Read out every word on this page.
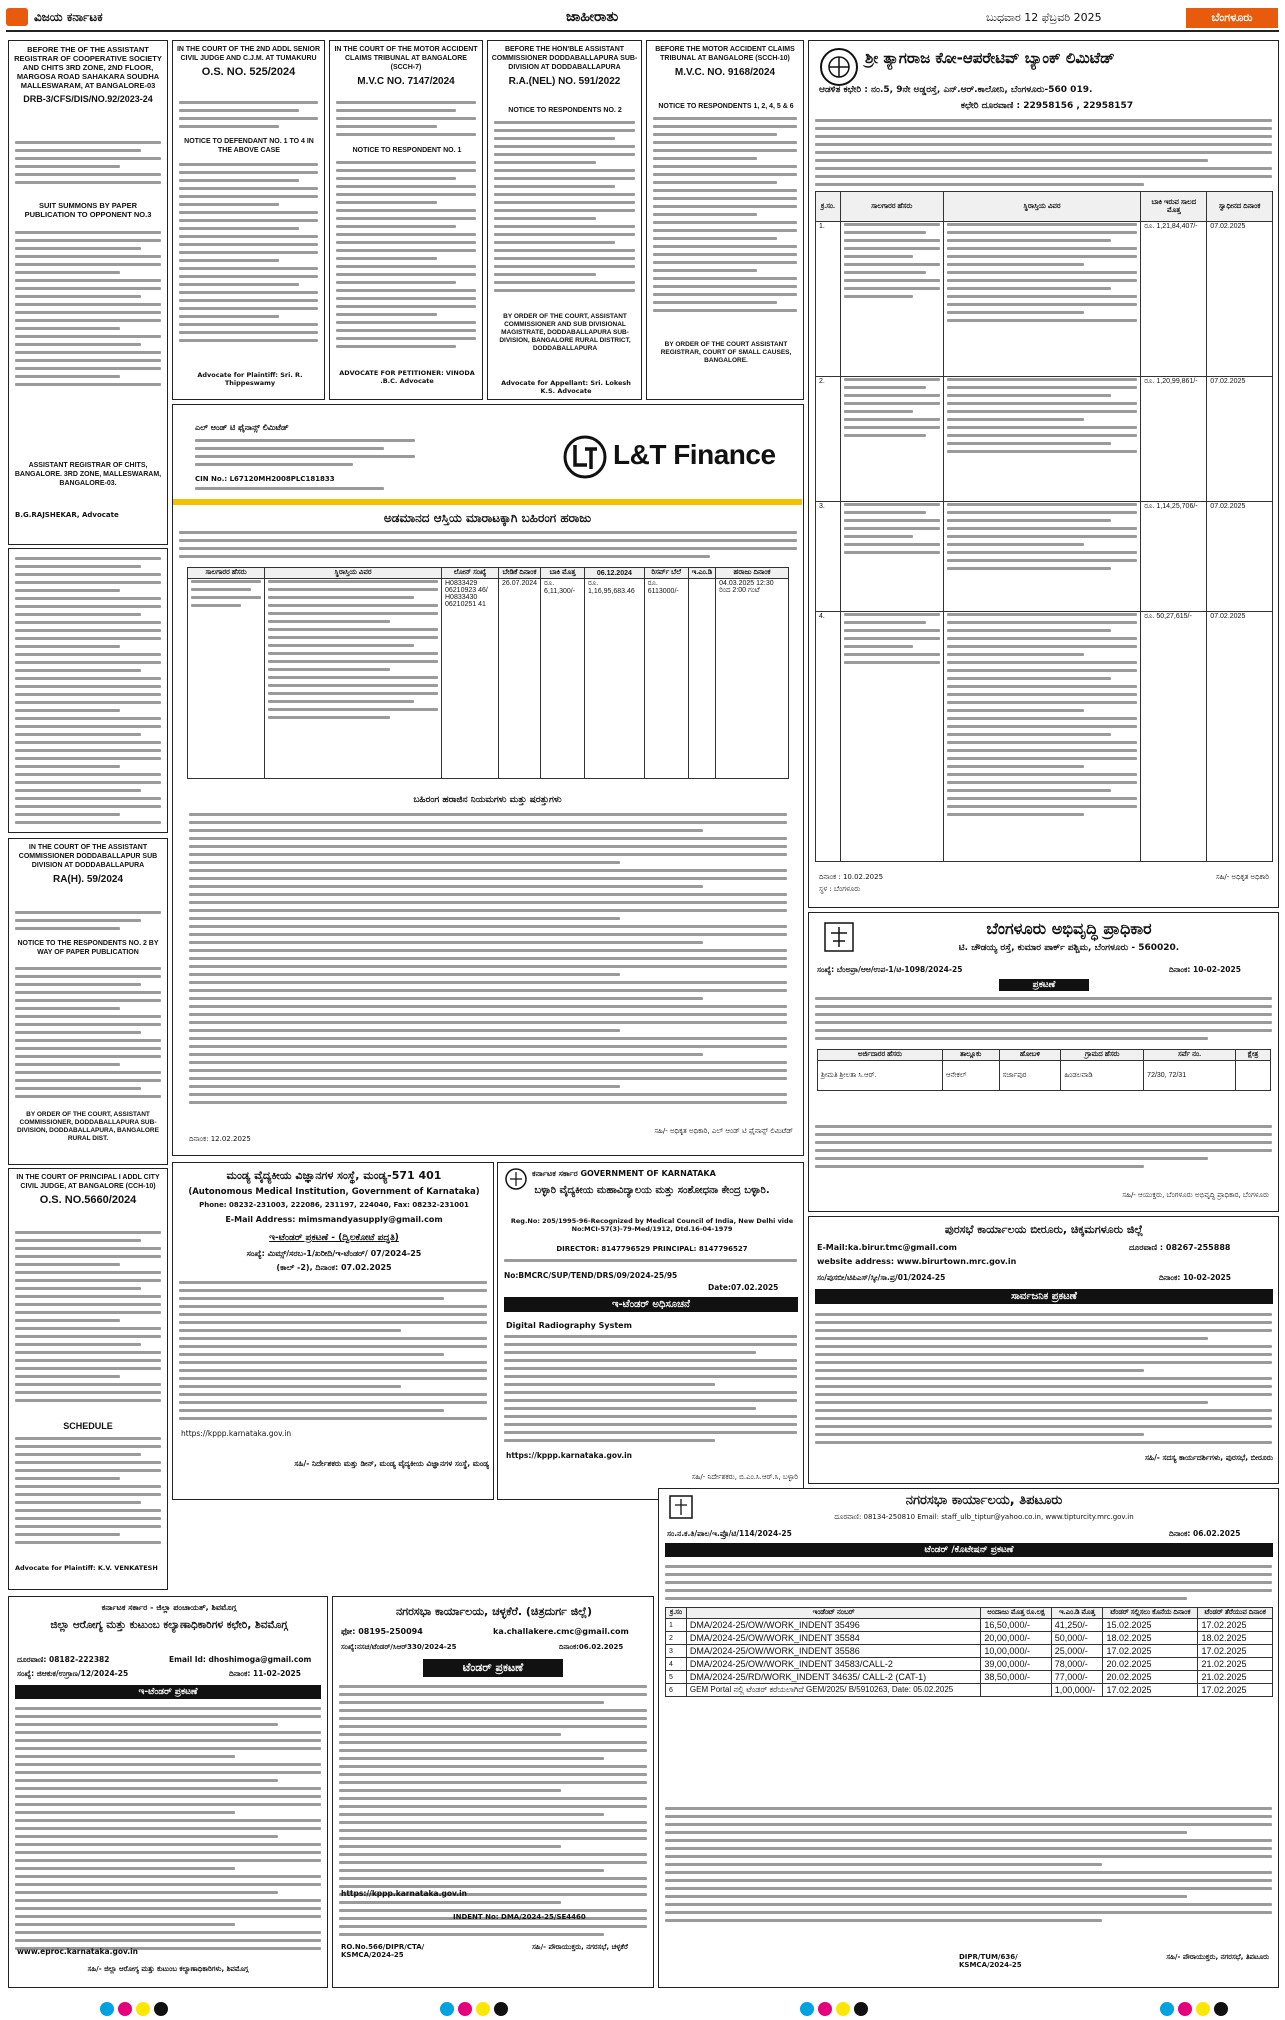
ವಿಜಯ ಕರ್ನಾಟಕ	ಜಾಹೀರಾತು	ಬುಧವಾರ 12 ಫೆಬ್ರವರಿ 2025	ಬೆಂಗಳೂರು
BEFORE THE OF THE ASSISTANT REGISTRAR OF COOPERATIVE SOCIETY AND CHITS 3RD ZONE, 2ND FLOOR, MARGOSA ROAD SAHAKARA SOUDHA MALLESWARAM, AT BANGALORE-03
DRB-3/CFS/DIS/NO.92/2023-24
SUIT SUMMONS BY PAPER PUBLICATION TO OPPONENT NO.3
ASSISTANT REGISTRAR OF CHITS, BANGALORE. 3RD ZONE, MALLESWARAM, BANGALORE-03.
B.G.RAJSHEKAR, Advocate
IN THE COURT OF THE ASSISTANT COMMISSIONER DODDABALLAPUR SUB DIVISION AT DODDABALLAPURA
RA(H). 59/2024
NOTICE TO THE RESPONDENTS NO. 2 BY WAY OF PAPER PUBLICATION
BY ORDER OF THE COURT, ASSISTANT COMMISSIONER, DODDABALLAPURA SUB-DIVISION, DODDABALLAPURA, BANGALORE RURAL DIST.
IN THE COURT OF PRINCIPAL I ADDL CITY CIVIL JUDGE, AT BANGALORE (CCH-10)
O.S. NO.5660/2024
SCHEDULE
Advocate for Plaintiff: K.V. VENKATESH
IN THE COURT OF THE 2ND ADDL SENIOR CIVIL JUDGE AND C.J.M. AT TUMAKURU
O.S. NO. 525/2024
NOTICE TO DEFENDANT NO. 1 TO 4 IN THE ABOVE CASE
Advocate for Plaintiff: Sri. R. Thippeswamy
IN THE COURT OF THE MOTOR ACCIDENT CLAIMS TRIBUNAL AT BANGALORE (SCCH-7)
M.V.C NO. 7147/2024
NOTICE TO RESPONDENT NO. 1
ADVOCATE FOR PETITIONER: VINODA .B.C. Advocate
BEFORE THE HON'BLE ASSISTANT COMMISSIONER DODDABALLAPURA SUB-DIVISION AT DODDABALLAPURA
R.A.(NEL) NO. 591/2022
NOTICE TO RESPONDENTS NO. 2
BY ORDER OF THE COURT, ASSISTANT COMMISSIONER AND SUB DIVISIONAL MAGISTRATE, DODDABALLAPURA SUB-DIVISION, BANGALORE RURAL DISTRICT, DODDABALLAPURA
Advocate for Appellant: Sri. Lokesh K.S. Advocate
BEFORE THE MOTOR ACCIDENT CLAIMS TRIBUNAL AT BANGALORE (SCCH-10)
M.V.C. NO. 9168/2024
NOTICE TO RESPONDENTS 1, 2, 4, 5 & 6
BY ORDER OF THE COURT ASSISTANT REGISTRAR, COURT OF SMALL CAUSES, BANGALORE.
ಎಲ್ ಆಂಡ್ ಟಿ ಫೈನಾನ್ಸ್ ಲಿಮಿಟೆಡ್
CIN No.: L67120MH2008PLC181833
L&T Finance
ಅಡಮಾನದ ಆಸ್ತಿಯ ಮಾರಾಟಕ್ಕಾಗಿ ಬಹಿರಂಗ ಹರಾಜು
ಸಾಲಗಾರರ ಹೆಸರು	ಸ್ಥಿರಾಸ್ತಿಯ ವಿವರ	ಲೋನ್ ಸಂಖ್ಯೆ	ಬೇಡಿಕೆ ದಿನಾಂಕ	ಬಾಕಿ ಮೊತ್ತ	06.12.2024	ರಿಸರ್ವ್ ಬೆಲೆ	ಇ.ಎಂ.ಡಿ	ಹರಾಜು ದಿನಾಂಕ

	H0833429 06210923 46/ H0833430 06210251 41	26.07.2024	ರೂ. 6,11,300/-	ರೂ. 1,16,95,683.46	ರೂ. 6113000/-		04.03.2025 12:30 ರಿಂದ 2:00 ಗಂಟೆ
ಬಹಿರಂಗ ಹರಾಜಿನ ನಿಯಮಗಳು ಮತ್ತು ಷರತ್ತುಗಳು
ದಿನಾಂಕ: 12.02.2025
ಸಹಿ/- ಅಧಿಕೃತ ಅಧಿಕಾರಿ, ಎಲ್ ಆಂಡ್ ಟಿ ಫೈನಾನ್ಸ್ ಲಿಮಿಟೆಡ್
ಶ್ರೀ ತ್ಯಾಗರಾಜ ಕೋ-ಆಪರೇಟಿವ್ ಬ್ಯಾಂಕ್ ಲಿಮಿಟೆಡ್
ಆಡಳಿತ ಕಛೇರಿ : ನಂ.5, 9ನೇ ಅಡ್ಡರಸ್ತೆ, ಎನ್.ಆರ್.ಕಾಲೋನಿ, ಬೆಂಗಳೂರು-560 019.
ಕಛೇರಿ ದೂರವಾಣಿ : 22958156 , 22958157
ಕ್ರ.ಸಂ.	ಸಾಲಗಾರರ ಹೆಸರು	ಸ್ಥಿರಾಸ್ತಿಯ ವಿವರ	ಬಾಕಿ ಇರುವ ಸಾಲದ ಮೊತ್ತ	ಸ್ವಾಧೀನದ ದಿನಾಂಕ
1.			ರೂ. 1,21,84,407/-	07.02.2025
2.			ರೂ. 1,20,99,861/-	07.02.2025
3.			ರೂ. 1,14,25,706/-	07.02.2025
4.			ರೂ. 50,27,615/-	07.02.2025
ದಿನಾಂಕ : 10.02.2025
ಸ್ಥಳ : ಬೆಂಗಳೂರು
ಸಹಿ/- ಅಧಿಕೃತ ಅಧಿಕಾರಿ
ಬೆಂಗಳೂರು ಅಭಿವೃದ್ಧಿ ಪ್ರಾಧಿಕಾರ
ಟಿ. ಚೌಡಯ್ಯ ರಸ್ತೆ, ಕುಮಾರ ಪಾರ್ಕ್ ಪಶ್ಚಿಮ, ಬೆಂಗಳೂರು - 560020.
ಸಂಖ್ಯೆ: ಬೆಂಅಪ್ರಾ/ಆಆ/ಉಪ-1/ಟಿ-1098/2024-25	ದಿನಾಂಕ: 10-02-2025
ಪ್ರಕಟಣೆ
ಅರ್ಜಿದಾರರ ಹೆಸರು	ತಾಲ್ಲೂಕು	ಹೋಬಳಿ	ಗ್ರಾಮದ ಹೆಸರು	ಸರ್ವೆ ನಂ.	ಕ್ಷೇತ್ರ
ಶ್ರೀಮತಿ ಶ್ರೀಲತಾ ಸಿ.ಆರ್.	ಆನೇಕಲ್	ಸರ್ಜಾಪುರ	ಹಿಂಡಲವಾಡಿ	72/30, 72/31	
ಸಹಿ/- ಆಯುಕ್ತರು, ಬೆಂಗಳೂರು ಅಭಿವೃದ್ಧಿ ಪ್ರಾಧಿಕಾರ, ಬೆಂಗಳೂರು
ಮಂಡ್ಯ ವೈದ್ಯಕೀಯ ವಿಜ್ಞಾನಗಳ ಸಂಸ್ಥೆ, ಮಂಡ್ಯ-571 401
(Autonomous Medical Institution, Government of Karnataka)
Phone: 08232-231003, 222086, 231197, 224040, Fax: 08232-231001
E-Mail Address: mimsmandyasupply@gmail.com
ಇ-ಟೆಂಡರ್ ಪ್ರಕಟಣೆ - (ದ್ವಿಲಕೋಟೆ ಪದ್ಧತಿ)
ಸಂಖ್ಯೆ: ಮಿಮ್ಸ್/ಸರಬ-1/ಖರೀದಿ/ಇ-ಟೆಂಡರ್/ 07/2024-25
(ಕಾಲ್ -2), ದಿನಾಂಕ: 07.02.2025
https://kppp.karnataka.gov.in
ಸಹಿ/- ನಿರ್ದೇಶಕರು ಮತ್ತು ಡೀನ್, ಮಂಡ್ಯ ವೈದ್ಯಕೀಯ ವಿಜ್ಞಾನಗಳ ಸಂಸ್ಥೆ, ಮಂಡ್ಯ
ಕರ್ನಾಟಕ ಸರ್ಕಾರ GOVERNMENT OF KARNATAKA
ಬಳ್ಳಾರಿ ವೈದ್ಯಕೀಯ ಮಹಾವಿದ್ಯಾಲಯ ಮತ್ತು ಸಂಶೋಧನಾ ಕೇಂದ್ರ ಬಳ್ಳಾರಿ.
Reg.No: 205/1995-96-Recognized by Medical Council of India, New Delhi vide No:MCI-57(3)-79-Med/1912, Dtd.16-04-1979
DIRECTOR: 8147796529 PRINCIPAL: 8147796527
No:BMCRC/SUP/TEND/DRS/09/2024-25/95
Date:07.02.2025
ಇ-ಟೆಂಡರ್ ಅಧಿಸೂಚನೆ
Digital Radiography System
https://kppp.karnataka.gov.in
ಸಹಿ/- ನಿರ್ದೇಶಕರು, ಬಿ.ಎಂ.ಸಿ.ಆರ್.ಸಿ, ಬಳ್ಳಾರಿ
ಪುರಸಭೆ ಕಾರ್ಯಾಲಯ ಬೀರೂರು, ಚಿಕ್ಕಮಗಳೂರು ಜಿಲ್ಲೆ
E-Mail:ka.birur.tmc@gmail.com	ದೂರವಾಣಿ : 08267-255888
website address: www.birurtown.mrc.gov.in
ಸಂ/ಪುಸಬೀ/ಟಿಪಿಎಸ್/ಸ್ಕೀ/ಸಾ.ಪ್ರ/01/2024-25	ದಿನಾಂಕ: 10-02-2025
ಸಾರ್ವಜನಿಕ ಪ್ರಕಟಣೆ
ಸಹಿ/- ಸದಸ್ಯ ಕಾರ್ಯದರ್ಶಿಗಳು, ಪುರಸಭೆ, ಬೀರೂರು
ಕರ್ನಾಟಕ ಸರ್ಕಾರ - ಜಿಲ್ಲಾ ಪಂಚಾಯತ್, ಶಿವಮೊಗ್ಗ
ಜಿಲ್ಲಾ ಆರೋಗ್ಯ ಮತ್ತು ಕುಟುಂಬ ಕಲ್ಯಾಣಾಧಿಕಾರಿಗಳ ಕಛೇರಿ, ಶಿವಮೊಗ್ಗ
ದೂರವಾಣಿ: 08182-222382	Email Id: dhoshimoga@gmail.com
ಸಂಖ್ಯೆ: ಜಿಆಕುಕ/ಉಗ್ರಾಣ/12/2024-25	ದಿನಾಂಕ: 11-02-2025
ಇ-ಟೆಂಡರ್ ಪ್ರಕಟಣೆ
www.eproc.karnataka.gov.in
ಸಹಿ/- ಜಿಲ್ಲಾ ಆರೋಗ್ಯ ಮತ್ತು ಕುಟುಂಬ ಕಲ್ಯಾಣಾಧಿಕಾರಿಗಳು, ಶಿವಮೊಗ್ಗ
ನಗರಸಭಾ ಕಾರ್ಯಾಲಯ, ಚಳ್ಳಕೆರೆ. (ಚಿತ್ರದುರ್ಗ ಜಿಲ್ಲೆ)
ಫೋ: 08195-250094	ka.challakere.cmc@gmail.com
ಸಂಖ್ಯೆ:ನಸಚ/ಟೆಂಡರ್/ಸಿಆರ್330/2024-25	ದಿನಾಂಕ:06.02.2025
ಟೆಂಡರ್ ಪ್ರಕಟಣೆ
https://kppp.karnataka.gov.in
INDENT No: DMA/2024-25/SE4460
RO.No.566/DIPR/CTA/ KSMCA/2024-25
ಸಹಿ/- ಪೌರಾಯುಕ್ತರು, ನಗರಸಭೆ, ಚಳ್ಳಕೆರೆ
ನಗರಸಭಾ ಕಾರ್ಯಾಲಯ, ತಿಪಟೂರು
ದೂರವಾಣಿ: 08134-250810 Email: staff_ulb_tiptur@yahoo.co.in, www.tipturcity.mrc.gov.in
ಸಂ.ನ.ಕ.ತಿ/ಪಾಲ/ಇ.ಪ್ರೊ/ಟಿ/114/2024-25	ದಿನಾಂಕ: 06.02.2025
ಟೆಂಡರ್ /ಕೊಟೇಷನ್ ಪ್ರಕಟಣೆ
ಕ್ರ.ಸಂ	ಇಂಡೆಂಟ್ ನಂಬರ್	ಅಂದಾಜು ಮೊತ್ತ ರೂ.ಲಕ್ಷ	ಇ.ಎಂ.ಡಿ ಮೊತ್ತ	ಟೆಂಡರ್ ಸಲ್ಲಿಸಲು ಕೊನೆಯ ದಿನಾಂಕ	ಟೆಂಡರ್ ತೆರೆಯುವ ದಿನಾಂಕ
1	DMA/2024-25/OW/WORK_INDENT 35496	16,50,000/-	41,250/-	15.02.2025	17.02.2025
2	DMA/2024-25/OW/WORK_INDENT 35584	20,00,000/-	50,000/-	18.02.2025	18.02.2025
3	DMA/2024-25/OW/WORK_INDENT 35586	10,00,000/-	25,000/-	17.02.2025	17.02.2025
4	DMA/2024-25/OW/WORK_INDENT 34583/CALL-2	39,00,000/-	78,000/-	20.02.2025	21.02.2025
5	DMA/2024-25/RD/WORK_INDENT 34635/ CALL-2 (CAT-1)	38,50,000/-	77,000/-	20.02.2025	21.02.2025
6	GEM Portal ನಲ್ಲಿ ಟೆಂಡರ್ ಕರೆಯಲಾಗಿದೆ GEM/2025/ B/5910263, Date: 05.02.2025		1,00,000/-	17.02.2025	17.02.2025
DIPR/TUM/636/ KSMCA/2024-25
ಸಹಿ/- ಪೌರಾಯುಕ್ತರು, ನಗರಸಭೆ, ತಿಪಟೂರು
